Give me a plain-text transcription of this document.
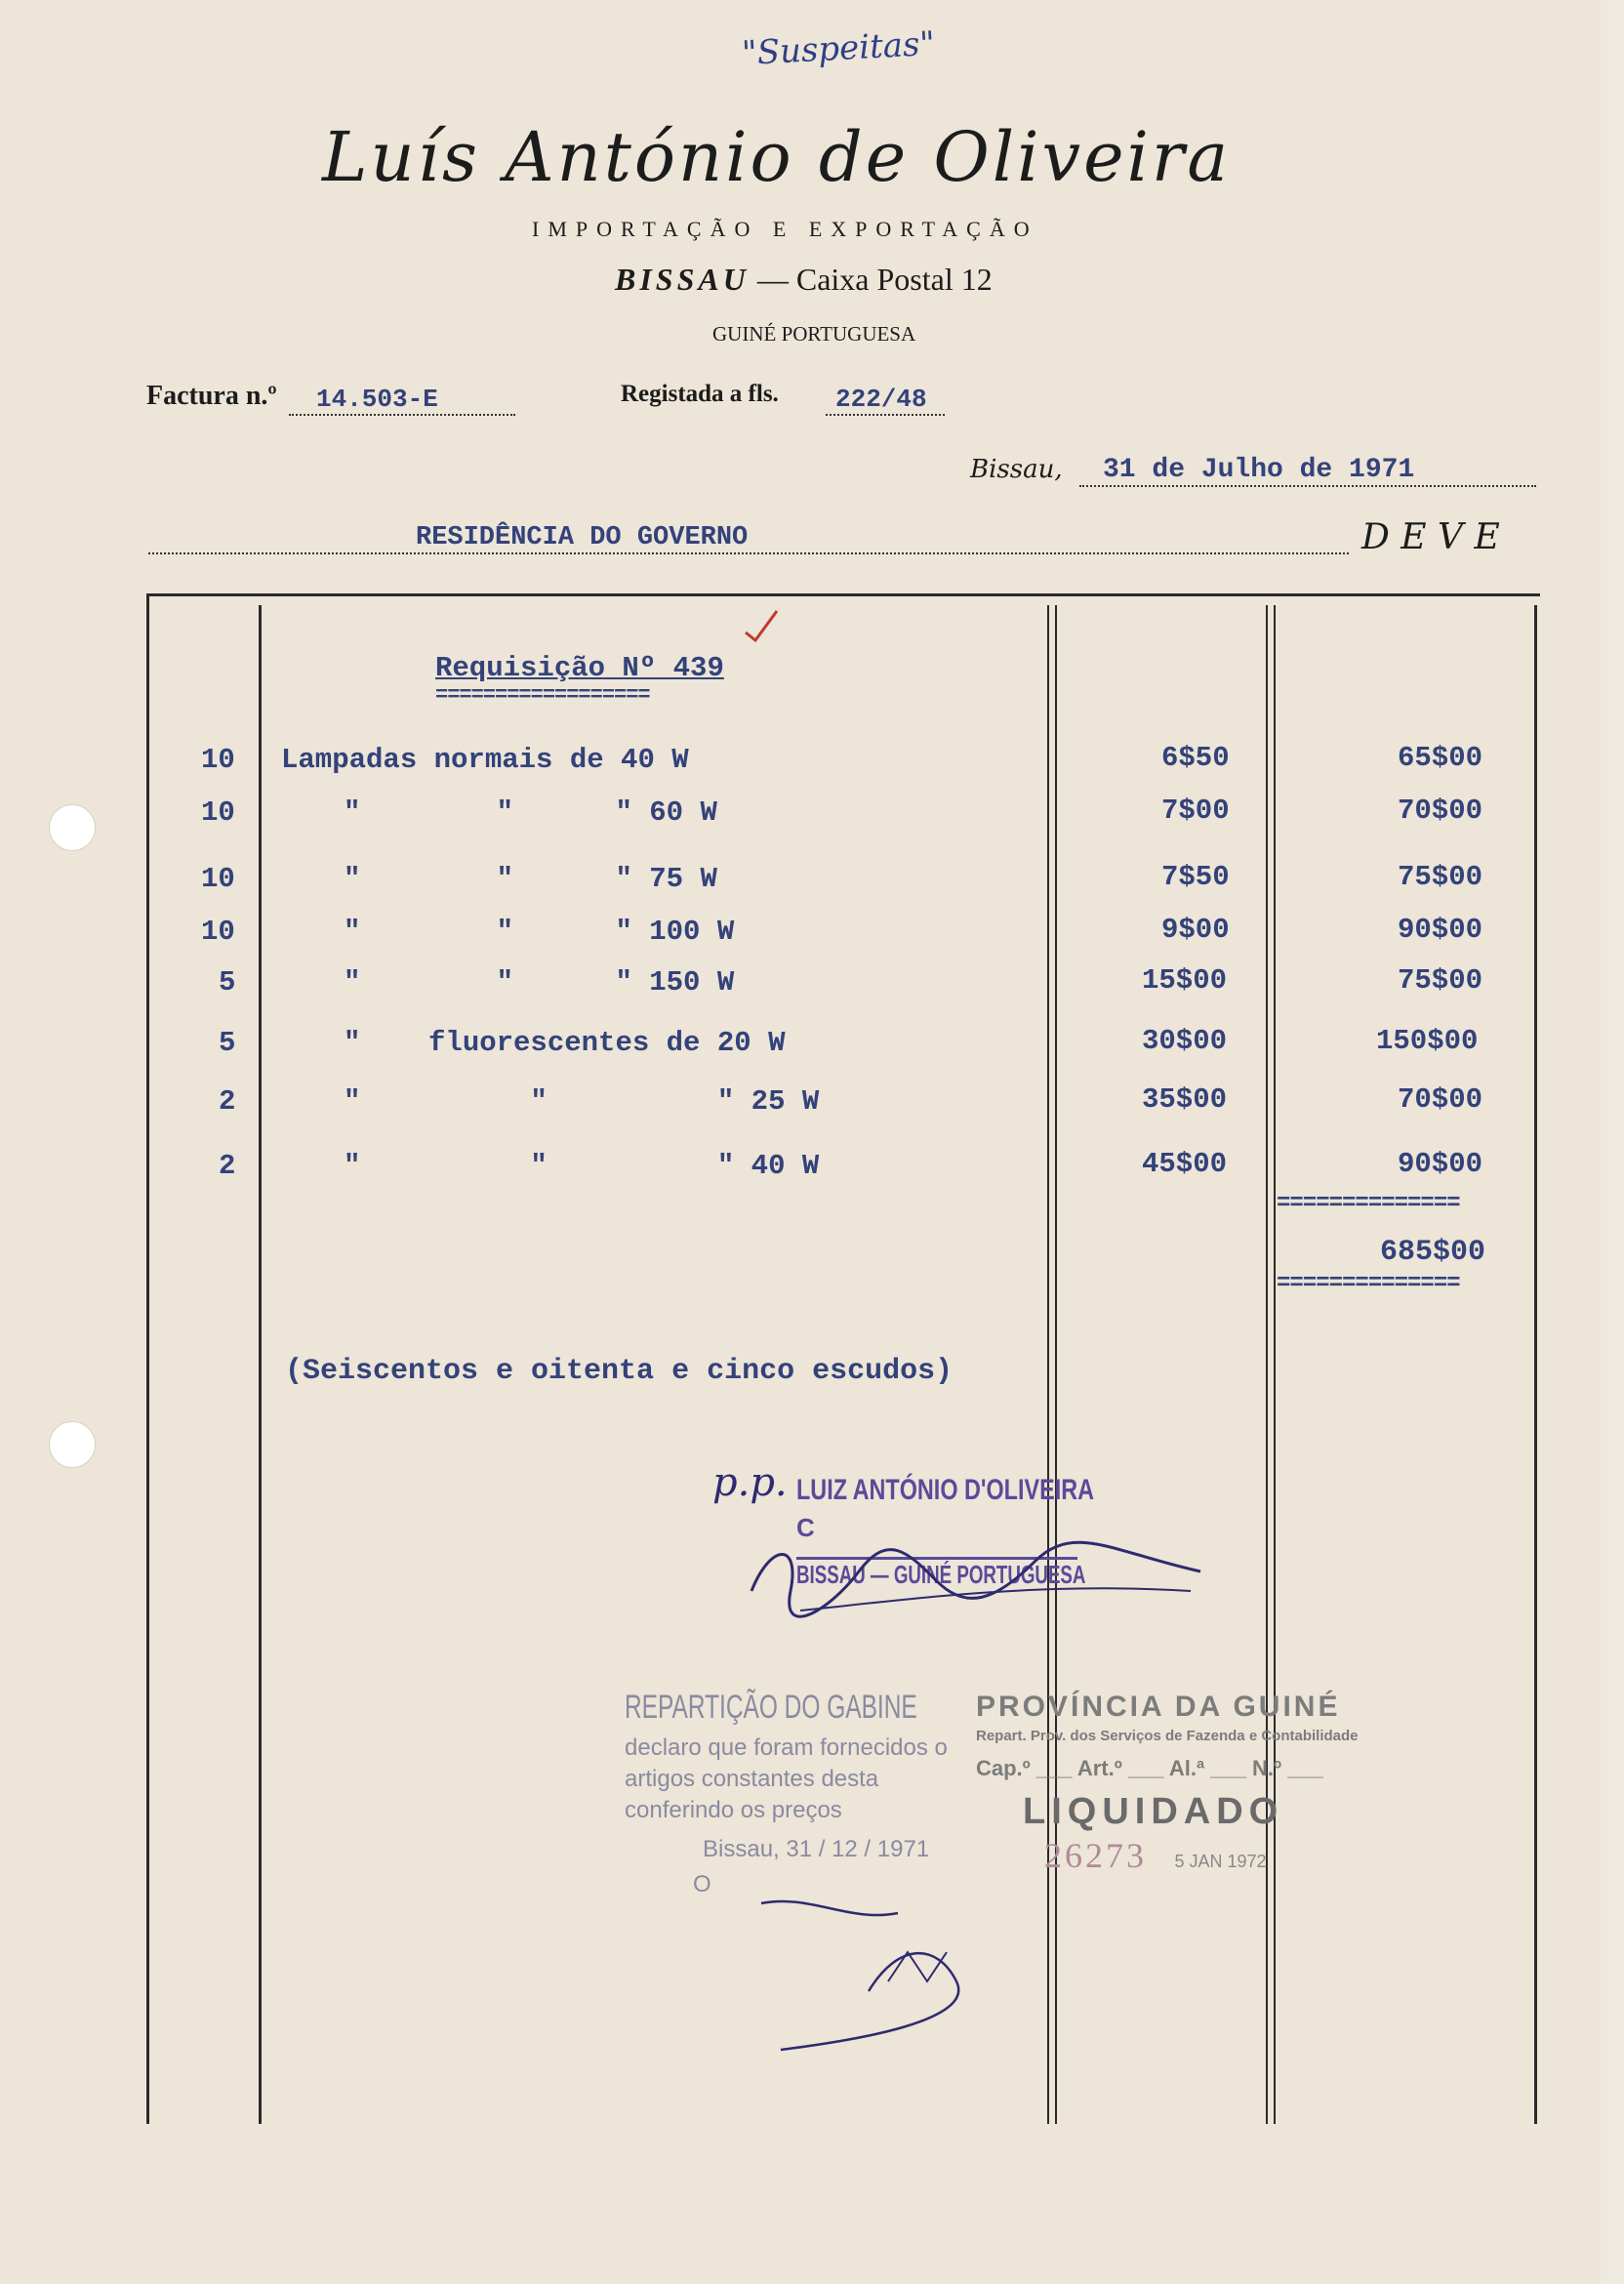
"Suspeitas"
Luís António de Oliveira
IMPORTAÇÃO E EXPORTAÇÃO
BISSAU — Caixa Postal 12
GUINÉ PORTUGUESA
Factura n.º	14.503-E	Registada a fls.	222/48
Bissau,	31 de Julho de 1971
RESIDÊNCIA DO GOVERNO	D E V E
Requisição Nº 439
==================
10 Lampadas normais de 40 W	6$50	65$00
10	"        "      " 60 W	7$00	70$00
10	"        "      " 75 W	7$50	75$00
10	"        "      " 100 W	9$00	90$00
5	"        "      " 150 W	15$00	75$00
5	"    fluorescentes de 20 W	30$00	150$00
2	"          "          " 25 W	35$00	70$00
2	"          "          " 40 W	45$00	90$00
==============
685$00
==============
(Seiscentos e oitenta e cinco escudos)
p.p. LUIZ ANTÓNIO D'OLIVEIRA
C
BISSAU — GUINÉ PORTUGUESA
REPARTIÇÃO DO GABINE
declaro que foram fornecidos o
artigos constantes desta
conferindo os preços
Bissau, 31 / 12 / 1971
O
PROVÍNCIA DA GUINÉ
Repart. Prov. dos Serviços de Fazenda e Contabilidade
Cap.º ___ Art.º ___ Al.ª ___ N.º ___
LIQUIDADO
26273 5 JAN 1972
